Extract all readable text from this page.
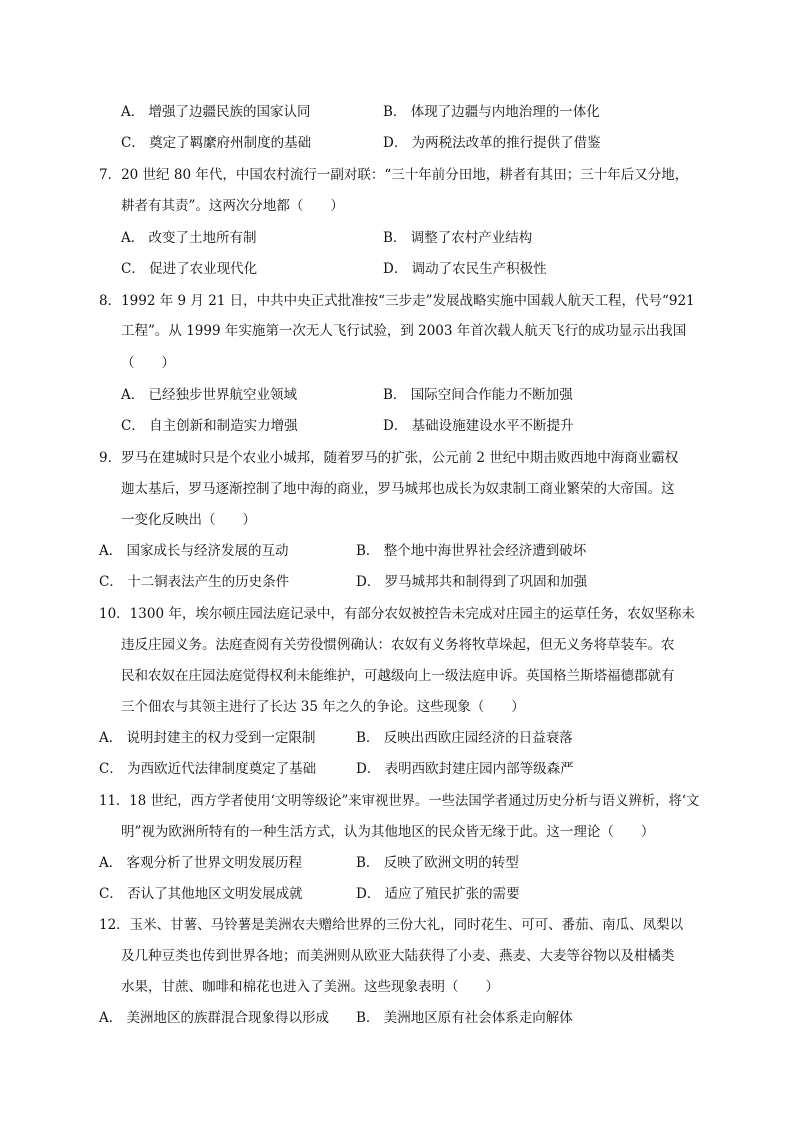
A． 增强了边疆民族的国家认同	B． 体现了边疆与内地治理的一体化
C． 奠定了羁縻府州制度的基础	D． 为两税法改革的推行提供了借鉴
7．20 世纪 80 年代，中国农村流行一副对联：“三十年前分田地，耕者有其田；三十年后又分地，
耕者有其责”。这两次分地都（　　）
A． 改变了土地所有制	B． 调整了农村产业结构
C． 促进了农业现代化	D． 调动了农民生产积极性
8．1992 年 9 月 21 日，中共中央正式批准按“三步走”发展战略实施中国载人航天工程，代号“921
工程”。从 1999 年实施第一次无人飞行试验，到 2003 年首次载人航天飞行的成功显示出我国
（　　）
A． 已经独步世界航空业领域	B． 国际空间合作能力不断加强
C． 自主创新和制造实力增强	D． 基础设施建设水平不断提升
9．罗马在建城时只是个农业小城邦，随着罗马的扩张，公元前 2 世纪中期击败西地中海商业霸权
迦太基后，罗马逐渐控制了地中海的商业，罗马城邦也成长为奴隶制工商业繁荣的大帝国。这
一变化反映出（　　）
A． 国家成长与经济发展的互动	B． 整个地中海世界社会经济遭到破坏
C． 十二铜表法产生的历史条件	D． 罗马城邦共和制得到了巩固和加强
10．1300 年，埃尔顿庄园法庭记录中，有部分农奴被控告未完成对庄园主的运草任务，农奴坚称未
违反庄园义务。法庭查阅有关劳役惯例确认：农奴有义务将牧草垛起，但无义务将草装车。农
民和农奴在庄园法庭觉得权利未能维护，可越级向上一级法庭申诉。英国格兰斯塔福德郡就有
三个佃农与其领主进行了长达 35 年之久的争论。这些现象（　　）
A． 说明封建主的权力受到一定限制	B． 反映出西欧庄园经济的日益衰落
C． 为西欧近代法律制度奠定了基础	D． 表明西欧封建庄园内部等级森严
11．18 世纪，西方学者使用‘文明等级论”来审视世界。一些法国学者通过历史分析与语义辨析，将‘文
明”视为欧洲所特有的一种生活方式，认为其他地区的民众皆无缘于此。这一理论（　　）
A． 客观分析了世界文明发展历程	B． 反映了欧洲文明的转型
C． 否认了其他地区文明发展成就	D． 适应了殖民扩张的需要
12．玉米、甘薯、马铃薯是美洲农夫赠给世界的三份大礼，同时花生、可可、番茄、南瓜、凤梨以
及几种豆类也传到世界各地；而美洲则从欧亚大陆获得了小麦、燕麦、大麦等谷物以及柑橘类
水果，甘蔗、咖啡和棉花也进入了美洲。这些现象表明（　　）
A． 美洲地区的族群混合现象得以形成 B． 美洲地区原有社会体系走向解体
